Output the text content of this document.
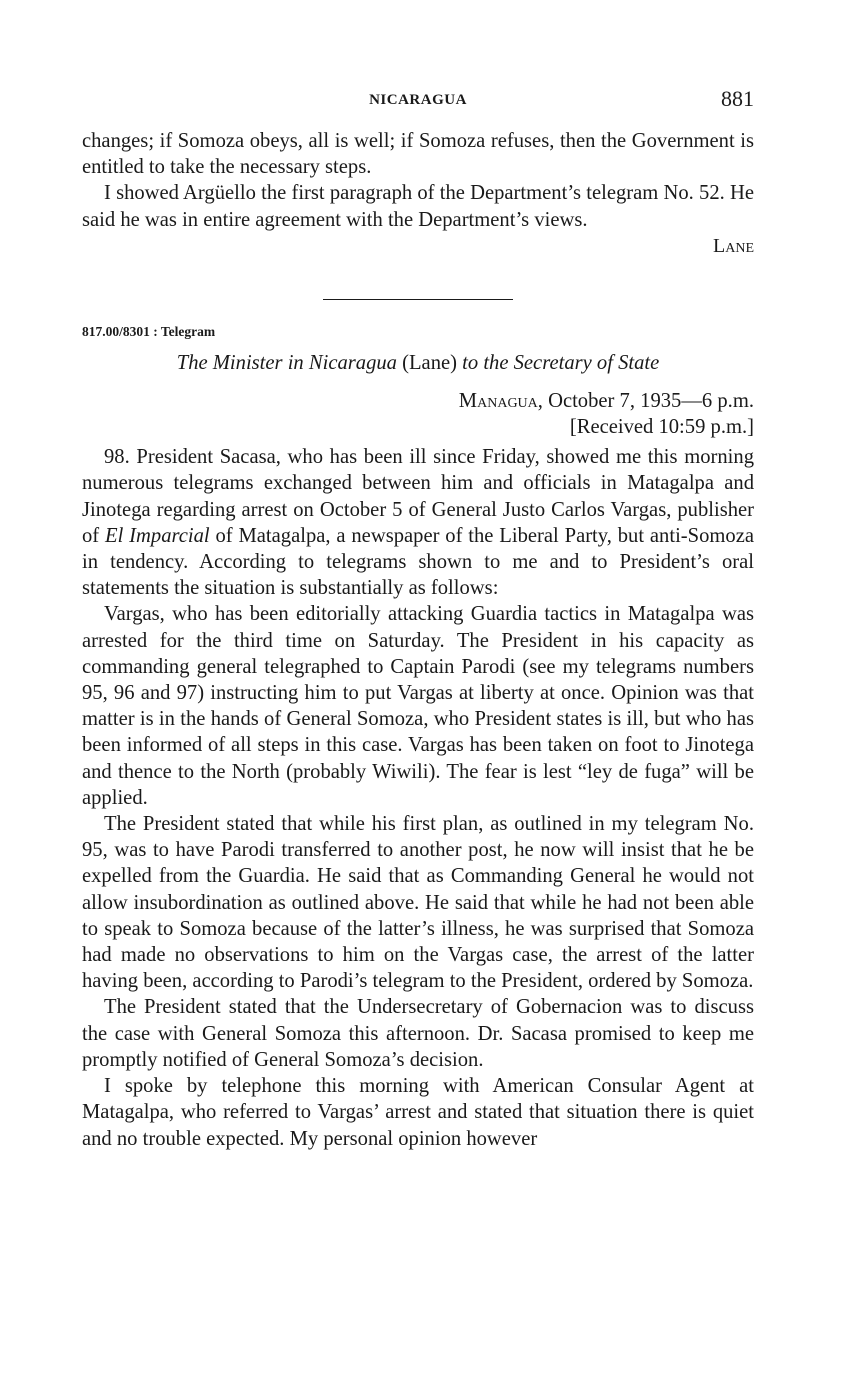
NICARAGUA	881

changes; if Somoza obeys, all is well; if Somoza refuses, then the Government is entitled to take the necessary steps.

I showed Argüello the first paragraph of the Department’s telegram No. 52. He said he was in entire agreement with the Department’s views.

Lane
817.00/8301 : Telegram
The Minister in Nicaragua (Lane) to the Secretary of State
Managua, October 7, 1935—6 p.m.
[Received 10:59 p.m.]

98. President Sacasa, who has been ill since Friday, showed me this morning numerous telegrams exchanged between him and officials in Matagalpa and Jinotega regarding arrest on October 5 of General Justo Carlos Vargas, publisher of El Imparcial of Matagalpa, a newspaper of the Liberal Party, but anti-Somoza in tendency. According to telegrams shown to me and to President’s oral statements the situation is substantially as follows:

Vargas, who has been editorially attacking Guardia tactics in Matagalpa was arrested for the third time on Saturday. The President in his capacity as commanding general telegraphed to Captain Parodi (see my telegrams numbers 95, 96 and 97) instructing him to put Vargas at liberty at once. Opinion was that matter is in the hands of General Somoza, who President states is ill, but who has been informed of all steps in this case. Vargas has been taken on foot to Jinotega and thence to the North (probably Wiwili). The fear is lest “ley de fuga” will be applied.

The President stated that while his first plan, as outlined in my telegram No. 95, was to have Parodi transferred to another post, he now will insist that he be expelled from the Guardia. He said that as Commanding General he would not allow insubordination as outlined above. He said that while he had not been able to speak to Somoza because of the latter’s illness, he was surprised that Somoza had made no observations to him on the Vargas case, the arrest of the latter having been, according to Parodi’s telegram to the President, ordered by Somoza.

The President stated that the Undersecretary of Gobernacion was to discuss the case with General Somoza this afternoon. Dr. Sacasa promised to keep me promptly notified of General Somoza’s decision.

I spoke by telephone this morning with American Consular Agent at Matagalpa, who referred to Vargas’ arrest and stated that situation there is quiet and no trouble expected. My personal opinion however
